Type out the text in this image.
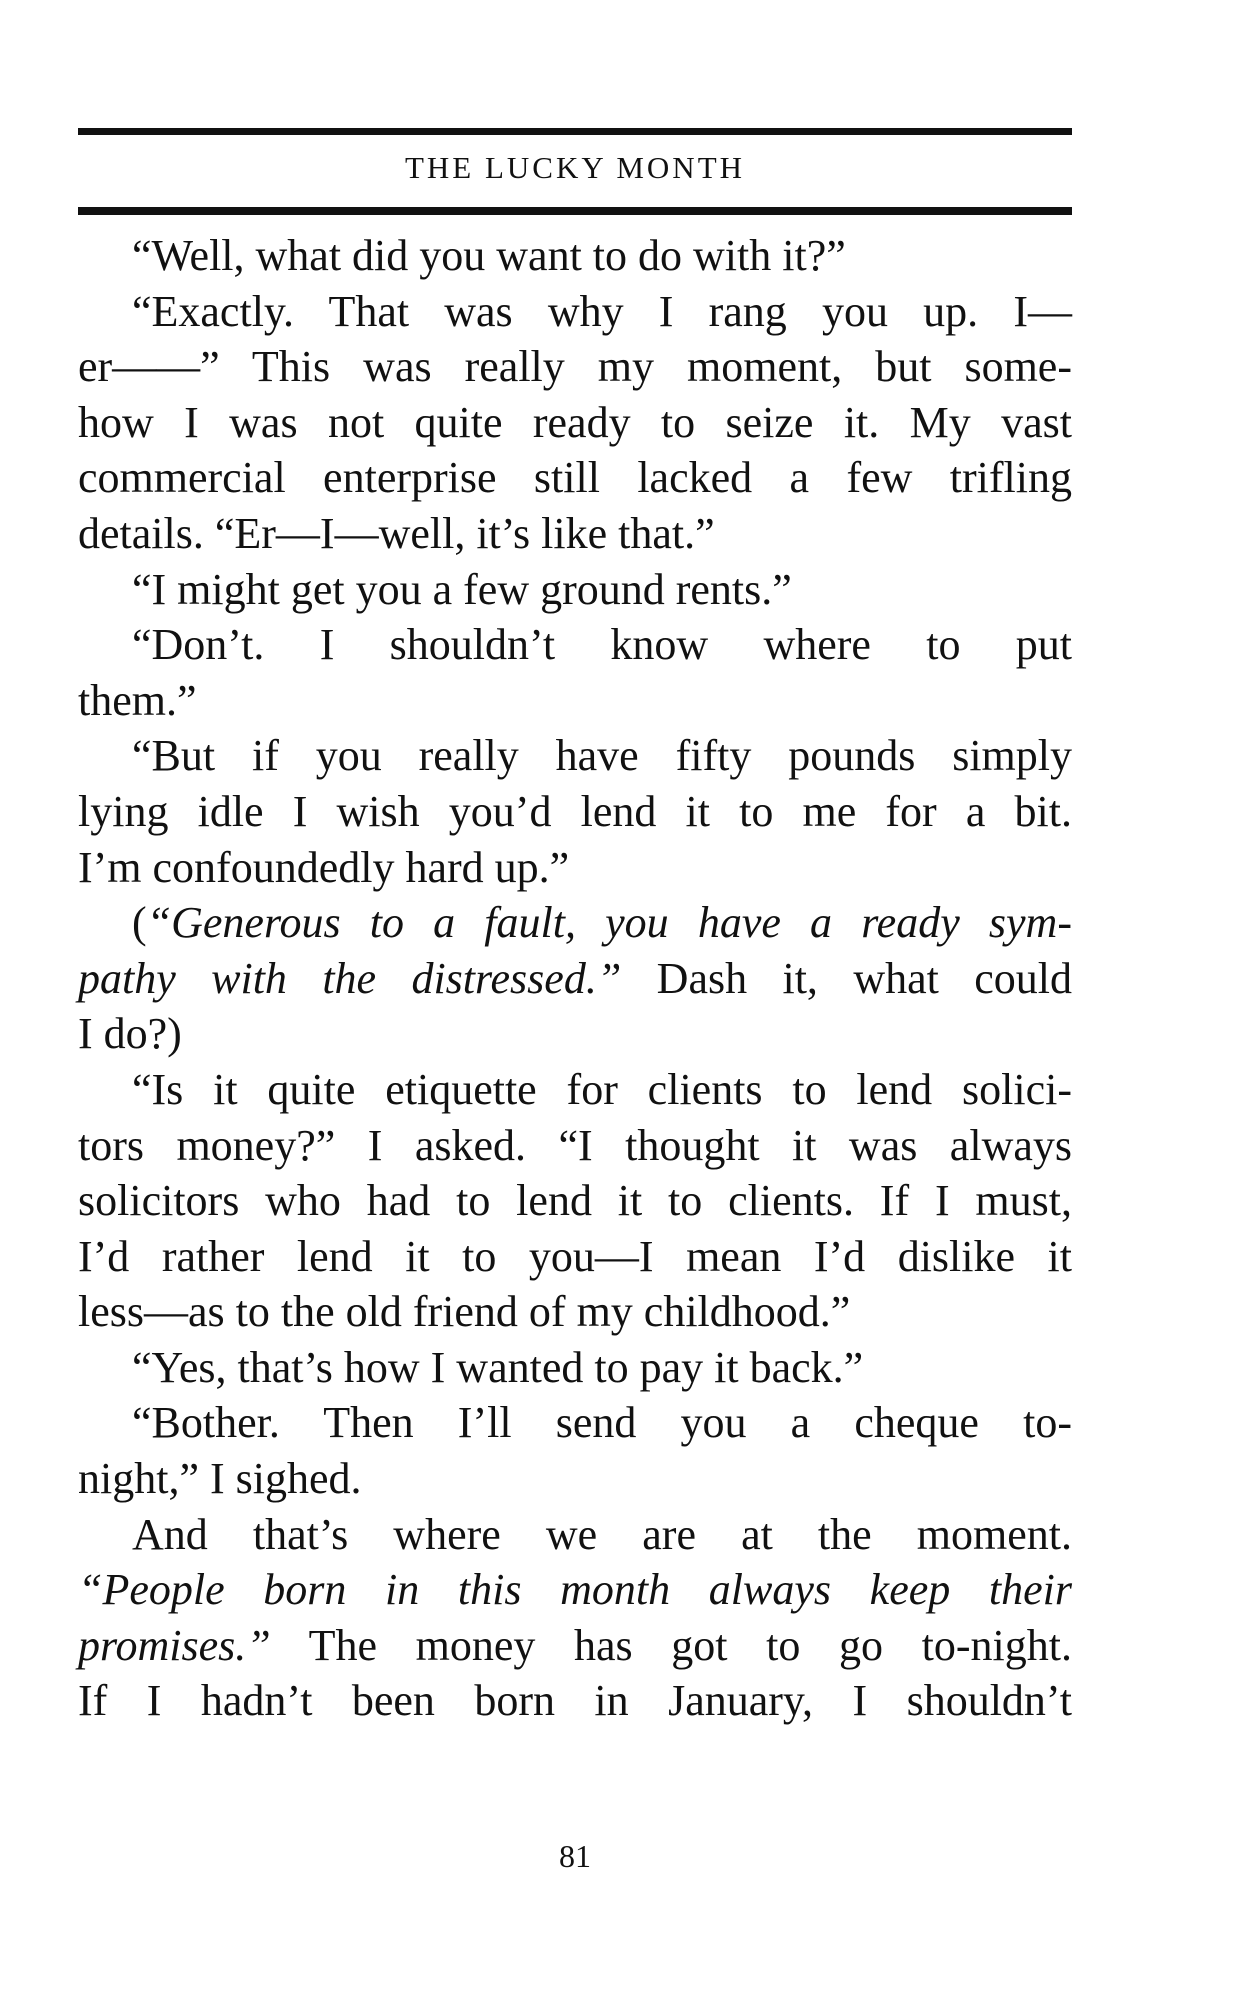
THE LUCKY MONTH
“Well, what did you want to do with it?”
“Exactly. That was why I rang you up. I—
er——” This was really my moment, but some-
how I was not quite ready to seize it. My vast
commercial enterprise still lacked a few trifling
details. “Er—I—well, it’s like that.”
“I might get you a few ground rents.”
“Don’t. I shouldn’t know where to put
them.”
“But if you really have fifty pounds simply
lying idle I wish you’d lend it to me for a bit.
I’m confoundedly hard up.”
(“Generous to a fault, you have a ready sym-
pathy with the distressed.” Dash it, what could
I do?)
“Is it quite etiquette for clients to lend solici-
tors money?” I asked. “I thought it was always
solicitors who had to lend it to clients. If I must,
I’d rather lend it to you—I mean I’d dislike it
less—as to the old friend of my childhood.”
“Yes, that’s how I wanted to pay it back.”
“Bother. Then I’ll send you a cheque to-
night,” I sighed.
And that’s where we are at the moment.
“People born in this month always keep their
promises.” The money has got to go to-night.
If I hadn’t been born in January, I shouldn’t
81
